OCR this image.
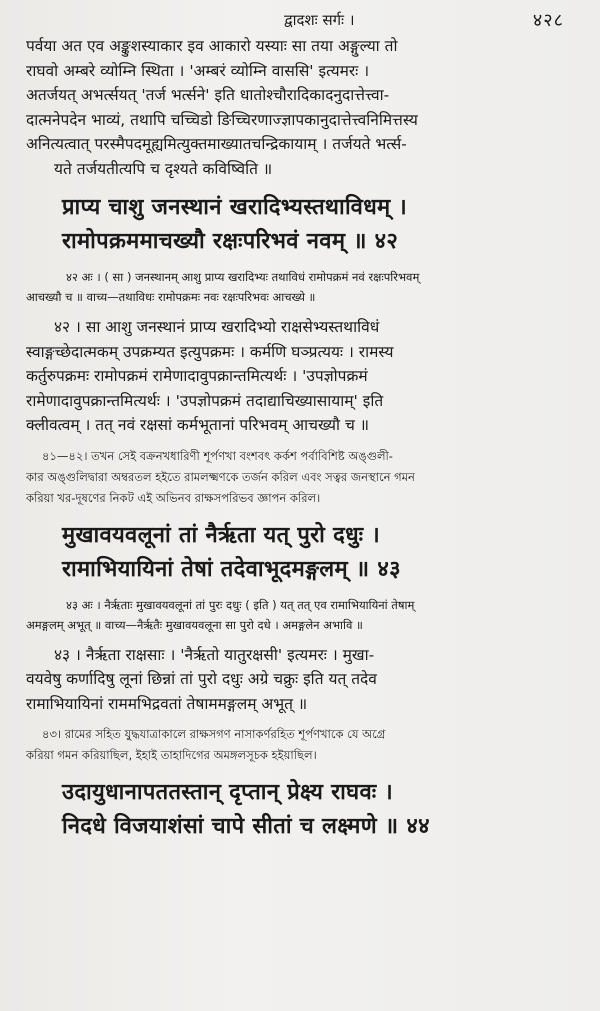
द्वादशः सर्गः ।	४२८

पर्वया अत एव अङ्कुशस्याकार इव आकारो यस्याः सा तया अङ्गुल्या तो

राघवो अम्बरे व्योम्नि स्थिता । 'अम्बरं व्योम्नि वाससि' इत्यमरः ।

अतर्जयत् अभर्त्सयत् 'तर्ज भर्त्सने' इति धातोश्चौरादिकादनुदात्तेत्त्वा-

दात्मनेपदेन भाव्यं, तथापि चच्चिडो ङिच्चिरणाज्ज्ञापकानुदात्तेत्त्वनिमित्तस्य

अनित्यत्वात् परस्मैपदमूह्यमित्युक्तमाख्यातचन्द्रिकायाम् । तर्जयते भर्त्स-

यते तर्जयतीत्यपि च दृश्यते कविष्विति ॥

प्राप्य चाशु जनस्थानं खरादिभ्यस्तथाविधम् ।
रामोपक्रममाचख्यौ रक्षःपरिभवं नवम् ॥ ४२
४२ अः । ( सा ) जनस्थानम् आशु प्राप्य खरादिभ्यः तथाविधं रामोपक्रमं नवं रक्षःपरिभवम्
आचख्यौ च ॥ वाच्य—तथाविधः रामोपक्रमः नवः रक्षःपरिभवः आचख्ये ॥

४२ । सा आशु जनस्थानं प्राप्य खरादिभ्यो राक्षसेभ्यस्तथाविधं

स्वाङ्गच्छेदात्मकम् उपक्रम्यत इत्युपक्रमः । कर्मणि घञ्प्रत्ययः । रामस्य

कर्तुरुपक्रमः रामोपक्रमं रामेणादावुपक्रान्तमित्यर्थः । 'उपज्ञोपक्रमं

रामेणादावुपक्रान्तमित्यर्थः । 'उपज्ञोपक्रमं तदाद्याचिख्यासायाम्' इति

क्लीवत्वम् । तत् नवं रक्षसां कर्मभूतानां परिभवम् आचख्यौ च ॥

৪১—৪২। তখন সেই বক্রনখধারিণী শূর্পণখা বংশবৎ কর্কশ পর্বাবিশিষ্ট অঙ্গুলী-
কার অঙ্গুলিদ্বারা অম্বরতল হইতে রামলক্ষ্মণকে তর্জন করিল এবং সত্বর জনস্থানে গমন
করিয়া খর-দূষণের নিকট এই অভিনব রাক্ষসপরিভব জ্ঞাপন করিল।
मुखावयवलूनां तां नैर्ऋता यत् पुरो दधुः ।
रामाभियायिनां तेषां तदेवाभूदमङ्गलम् ॥ ४३
४३ अः । नैर्ऋताः मुखावयवलूनां तां पुरः दधुः ( इति ) यत् तत् एव रामाभियायिनां तेषाम्
अमङ्गलम् अभूत् ॥ वाच्य—नैर्ऋतैः मुखावयवलूना सा पुरो दधे । अमङ्गलेन अभावि ॥

४३ । नैर्ऋता राक्षसाः । 'नैर्ऋतो यातुरक्षसी' इत्यमरः । मुखा-

वयवेषु कर्णादिषु लूनां छिन्नां तां पुरो दधुः अग्रे चक्रुः इति यत् तदेव

रामाभियायिनां राममभिद्रवतां तेषाममङ्गलम् अभूत् ॥

৪৩। রামের সহিত যুদ্ধযাত্রাকালে রাক্ষসগণ নাসাকর্ণরহিত শূর্পণখাকে যে অগ্রে
করিয়া গমন করিয়াছিল, ইহাই তাহাদিগের অমঙ্গলসূচক হইয়াছিল।
उदायुधानापततस्तान् दृप्तान् प्रेक्ष्य राघवः ।
निदधे विजयाशंसां चापे सीतां च लक्ष्मणे ॥ ४४
